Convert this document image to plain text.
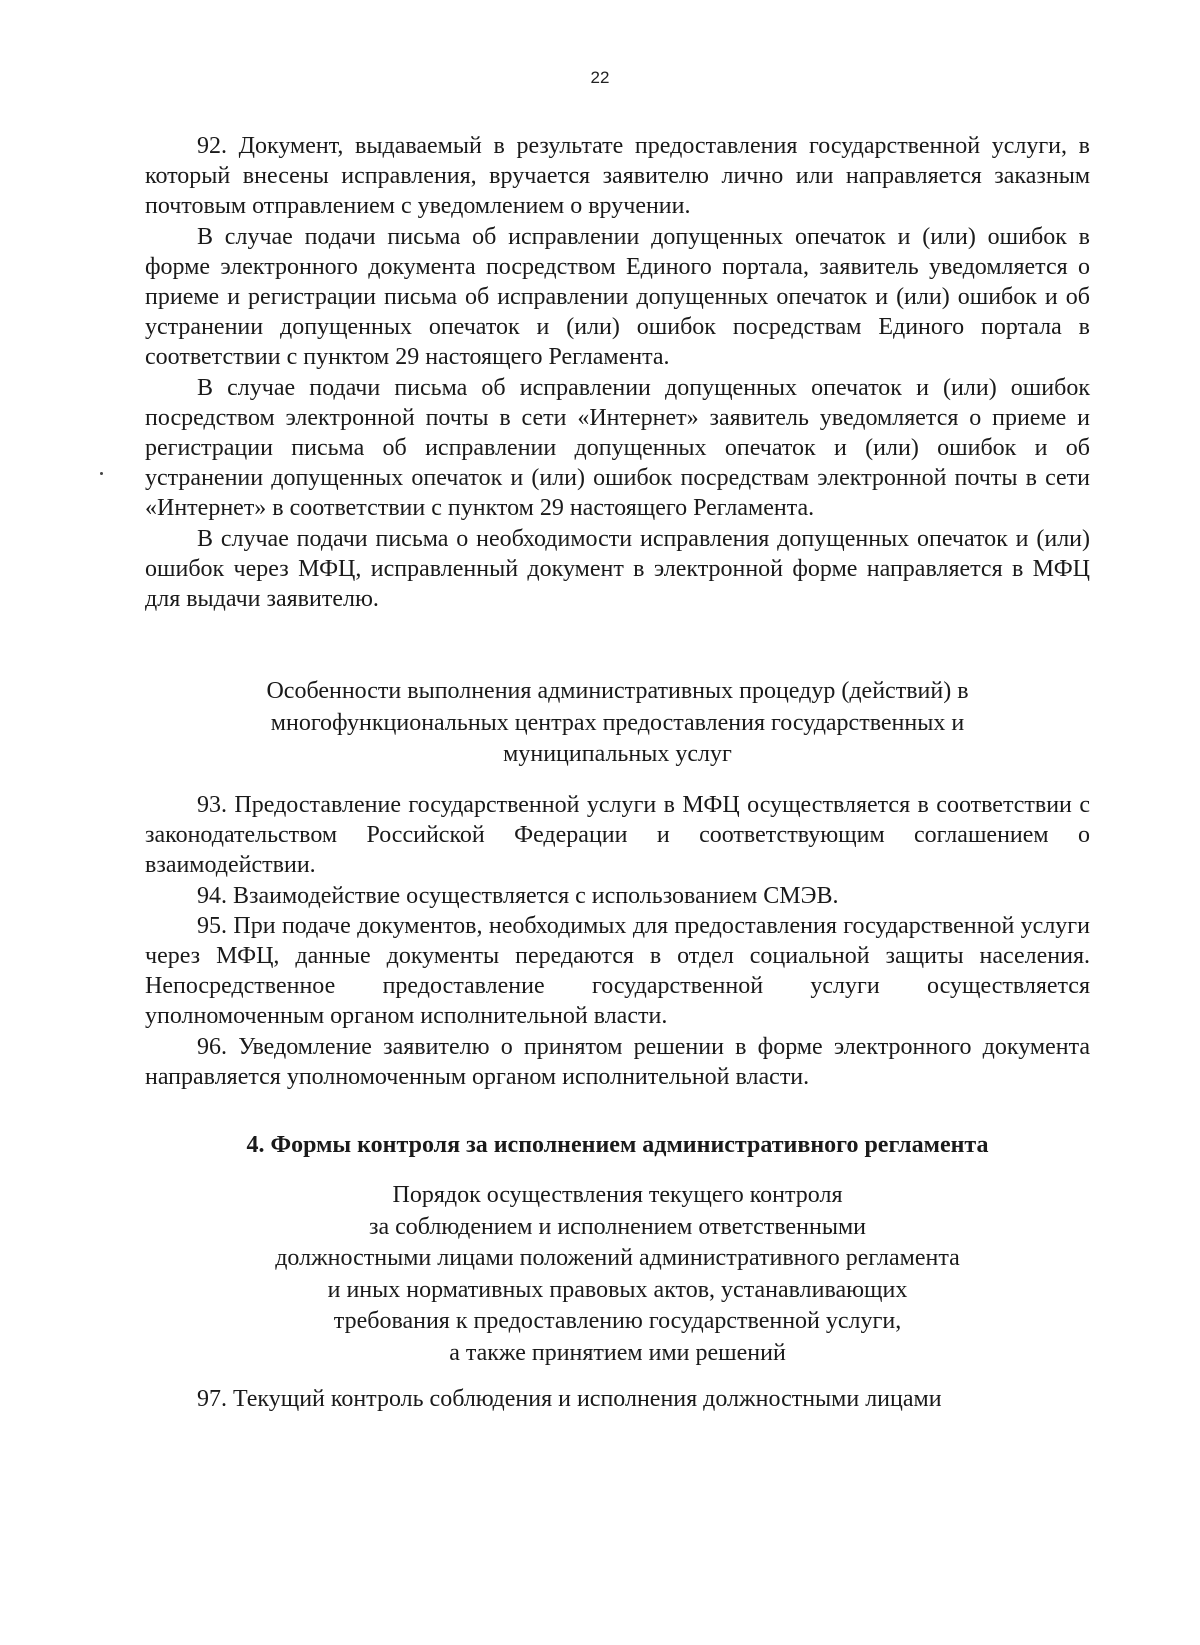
22

92. Документ, выдаваемый в результате предоставления государственной услуги, в который внесены исправления, вручается заявителю лично или направляется заказным почтовым отправлением с уведомлением о вручении.

В случае подачи письма об исправлении допущенных опечаток и (или) ошибок в форме электронного документа посредством Единого портала, заявитель уведомляется о приеме и регистрации письма об исправлении допущенных опечаток и (или) ошибок и об устранении допущенных опечаток и (или) ошибок посредствам Единого портала в соответствии с пунктом 29 настоящего Регламента.

В случае подачи письма об исправлении допущенных опечаток и (или) ошибок посредством электронной почты в сети «Интернет» заявитель уведомляется о приеме и регистрации письма об исправлении допущенных опечаток и (или) ошибок и об устранении допущенных опечаток и (или) ошибок посредствам электронной почты в сети «Интернет» в соответствии с пунктом 29 настоящего Регламента.

В случае подачи письма о необходимости исправления допущенных опечаток и (или) ошибок через МФЦ, исправленный документ в электронной форме направляется в МФЦ для выдачи заявителю.

Особенности выполнения административных процедур (действий) в

многофункциональных центрах предоставления государственных и

муниципальных услуг

93. Предоставление государственной услуги в МФЦ осуществляется в соответствии с законодательством Российской Федерации и соответствующим соглашением о взаимодействии.

94. Взаимодействие осуществляется с использованием СМЭВ.

95. При подаче документов, необходимых для предоставления государственной услуги через МФЦ, данные документы передаются в отдел социальной защиты населения. Непосредственное предоставление государственной услуги осуществляется уполномоченным органом исполнительной власти.

96. Уведомление заявителю о принятом решении в форме электронного документа направляется уполномоченным органом исполнительной власти.

4. Формы контроля за исполнением административного регламента

Порядок осуществления текущего контроля

за соблюдением и исполнением ответственными

должностными лицами положений административного регламента

и иных нормативных правовых актов, устанавливающих

требования к предоставлению государственной услуги,

а также принятием ими решений

97. Текущий контроль соблюдения и исполнения должностными лицами
